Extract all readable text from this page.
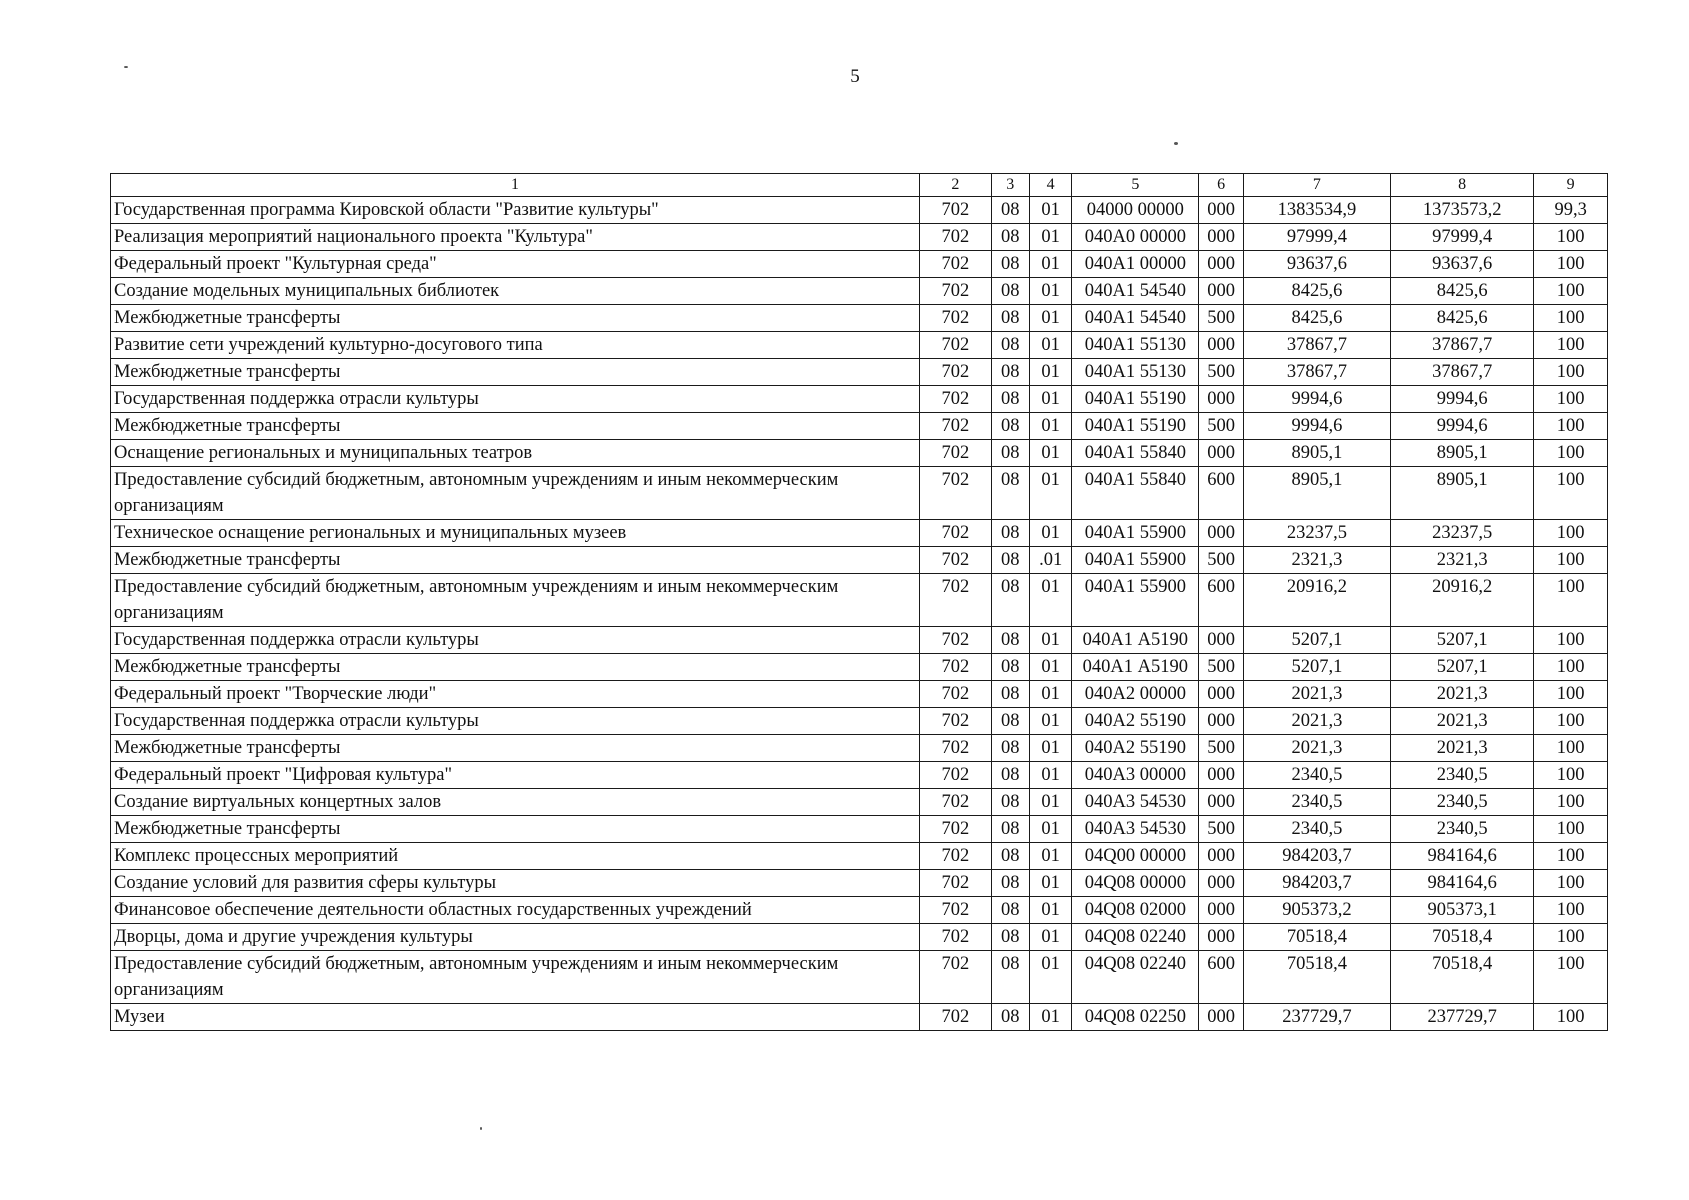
5
1	2	3	4	5	6	7	8	9
Государственная программа Кировской области "Развитие культуры"	702	08	01	04000 00000	000	1383534,9	1373573,2	99,3
Реализация мероприятий национального проекта "Культура"	702	08	01	040А0 00000	000	97999,4	97999,4	100
Федеральный проект "Культурная среда"	702	08	01	040А1 00000	000	93637,6	93637,6	100
Создание модельных муниципальных библиотек	702	08	01	040А1 54540	000	8425,6	8425,6	100
Межбюджетные трансферты	702	08	01	040А1 54540	500	8425,6	8425,6	100
Развитие сети учреждений культурно-досугового типа	702	08	01	040А1 55130	000	37867,7	37867,7	100
Межбюджетные трансферты	702	08	01	040А1 55130	500	37867,7	37867,7	100
Государственная поддержка отрасли культуры	702	08	01	040А1 55190	000	9994,6	9994,6	100
Межбюджетные трансферты	702	08	01	040А1 55190	500	9994,6	9994,6	100
Оснащение региональных и муниципальных театров	702	08	01	040А1 55840	000	8905,1	8905,1	100
Предоставление субсидий бюджетным, автономным учреждениям и иным некоммерческим организациям	702	08	01	040А1 55840	600	8905,1	8905,1	100
Техническое оснащение региональных и муниципальных музеев	702	08	01	040А1 55900	000	23237,5	23237,5	100
Межбюджетные трансферты	702	08	.01	040А1 55900	500	2321,3	2321,3	100
Предоставление субсидий бюджетным, автономным учреждениям и иным некоммерческим организациям	702	08	01	040А1 55900	600	20916,2	20916,2	100
Государственная поддержка отрасли культуры	702	08	01	040А1 А5190	000	5207,1	5207,1	100
Межбюджетные трансферты	702	08	01	040А1 А5190	500	5207,1	5207,1	100
Федеральный проект "Творческие люди"	702	08	01	040А2 00000	000	2021,3	2021,3	100
Государственная поддержка отрасли культуры	702	08	01	040А2 55190	000	2021,3	2021,3	100
Межбюджетные трансферты	702	08	01	040А2 55190	500	2021,3	2021,3	100
Федеральный проект "Цифровая культура"	702	08	01	040А3 00000	000	2340,5	2340,5	100
Создание виртуальных концертных залов	702	08	01	040А3 54530	000	2340,5	2340,5	100
Межбюджетные трансферты	702	08	01	040А3 54530	500	2340,5	2340,5	100
Комплекс процессных мероприятий	702	08	01	04Q00 00000	000	984203,7	984164,6	100
Создание условий для развития сферы культуры	702	08	01	04Q08 00000	000	984203,7	984164,6	100
Финансовое обеспечение деятельности областных государственных учреждений	702	08	01	04Q08 02000	000	905373,2	905373,1	100
Дворцы, дома и другие учреждения культуры	702	08	01	04Q08 02240	000	70518,4	70518,4	100
Предоставление субсидий бюджетным, автономным учреждениям и иным некоммерческим организациям	702	08	01	04Q08 02240	600	70518,4	70518,4	100
Музеи	702	08	01	04Q08 02250	000	237729,7	237729,7	100
